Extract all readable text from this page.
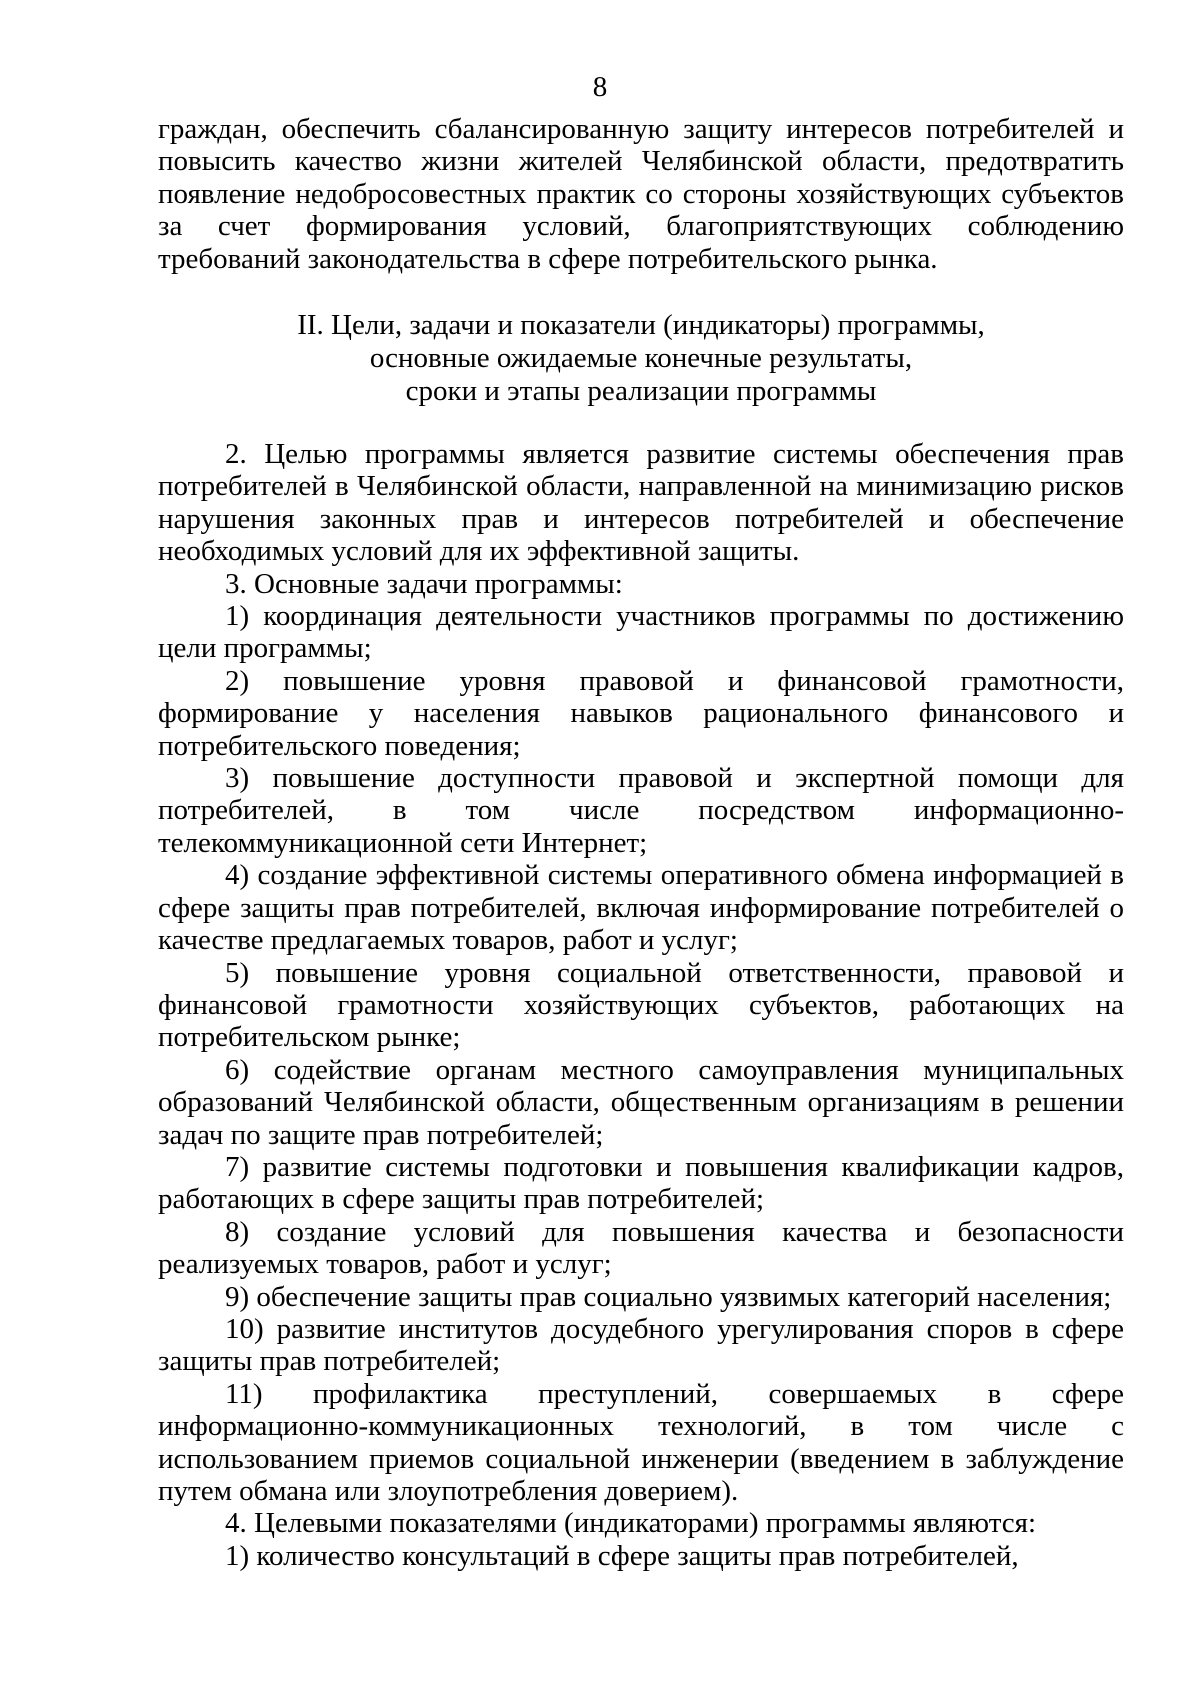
8

граждан, обеспечить сбалансированную защиту интересов потребителей и повысить качество жизни жителей Челябинской области, предотвратить появление недобросовестных практик со стороны хозяйствующих субъектов за счет формирования условий, благоприятствующих соблюдению требований законодательства в сфере потребительского рынка.

II. Цели, задачи и показатели (индикаторы) программы,
основные ожидаемые конечные результаты,
сроки и этапы реализации программы

2. Целью программы является развитие системы обеспечения прав потребителей в Челябинской области, направленной на минимизацию рисков нарушения законных прав и интересов потребителей и обеспечение необходимых условий для их эффективной защиты.

3. Основные задачи программы:

1) координация деятельности участников программы по достижению цели программы;

2) повышение уровня правовой и финансовой грамотности, формирование у населения навыков рационального финансового и потребительского поведения;

3) повышение доступности правовой и экспертной помощи для потребителей, в том числе посредством информационно-телекоммуникационной сети Интернет;

4) создание эффективной системы оперативного обмена информацией в сфере защиты прав потребителей, включая информирование потребителей о качестве предлагаемых товаров, работ и услуг;

5) повышение уровня социальной ответственности, правовой и финансовой грамотности хозяйствующих субъектов, работающих на потребительском рынке;

6) содействие органам местного самоуправления муниципальных образований Челябинской области, общественным организациям в решении задач по защите прав потребителей;

7) развитие системы подготовки и повышения квалификации кадров, работающих в сфере защиты прав потребителей;

8) создание условий для повышения качества и безопасности реализуемых товаров, работ и услуг;

9) обеспечение защиты прав социально уязвимых категорий населения;

10) развитие институтов досудебного урегулирования споров в сфере защиты прав потребителей;

11) профилактика преступлений, совершаемых в сфере информационно-коммуникационных технологий, в том числе с использованием приемов социальной инженерии (введением в заблуждение путем обмана или злоупотребления доверием).

4. Целевыми показателями (индикаторами) программы являются:

1) количество консультаций в сфере защиты прав потребителей,
